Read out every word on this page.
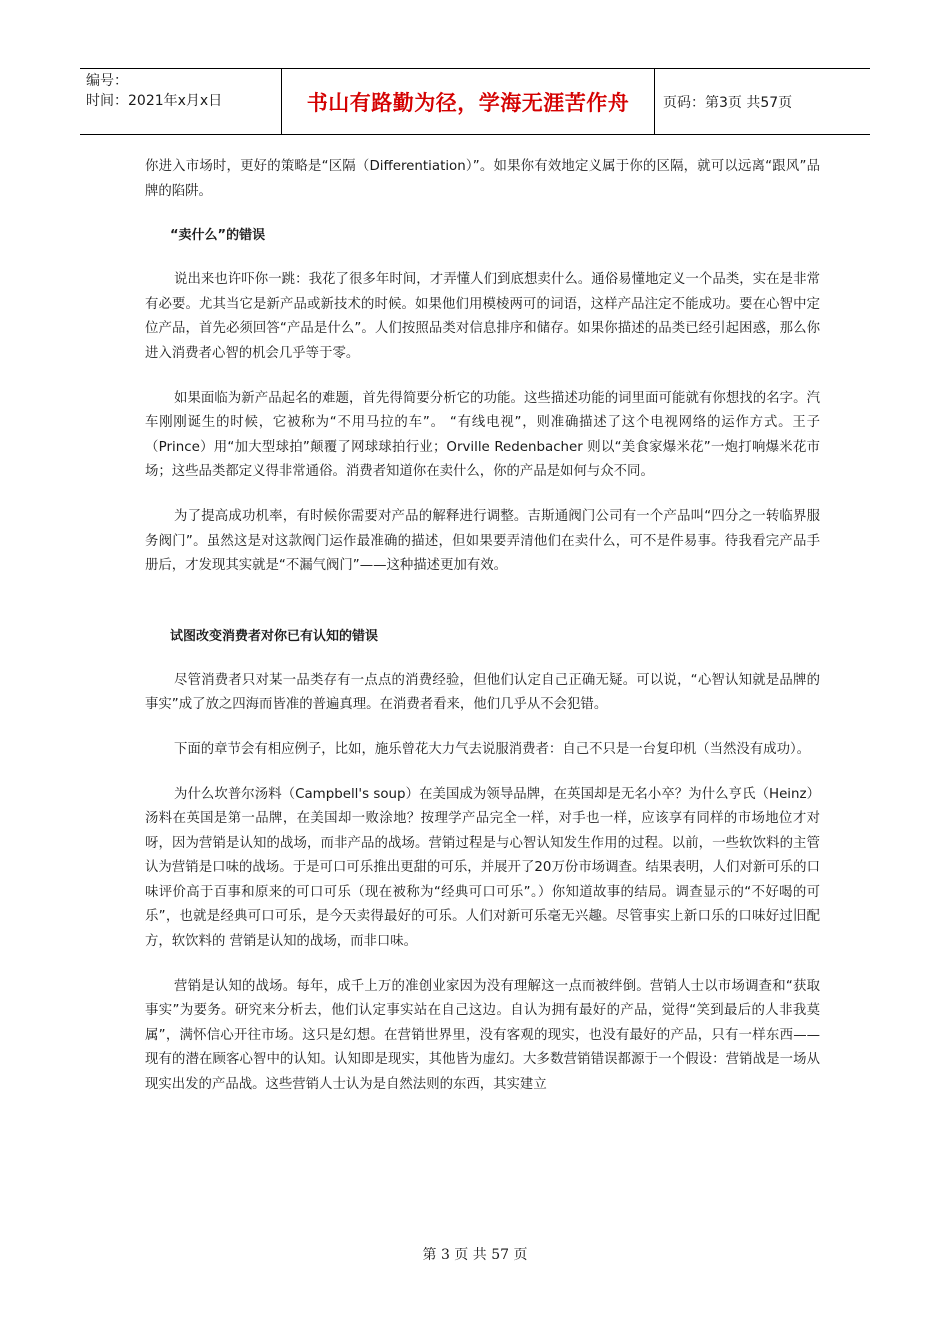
编号：
时间：2021年x月x日	书山有路勤为径，学海无涯苦作舟 页码：第3页 共57页

你进入市场时，更好的策略是“区隔（Differentiation）”。如果你有效地定义属于你的区隔，就可以远离“跟风”品牌的陷阱。

“卖什么”的错误

说出来也许吓你一跳：我花了很多年时间，才弄懂人们到底想卖什么。通俗易懂地定义一个品类，实在是非常有必要。尤其当它是新产品或新技术的时候。如果他们用模棱两可的词语，这样产品注定不能成功。要在心智中定位产品，首先必须回答“产品是什么”。人们按照品类对信息排序和储存。如果你描述的品类已经引起困惑，那么你进入消费者心智的机会几乎等于零。

如果面临为新产品起名的难题，首先得简要分析它的功能。这些描述功能的词里面可能就有你想找的名字。汽车刚刚诞生的时候，它被称为“不用马拉的车”。 “有线电视”，则准确描述了这个电视网络的运作方式。王子（Prince）用“加大型球拍”颠覆了网球球拍行业；Orville Redenbacher 则以“美食家爆米花”一炮打响爆米花市场；这些品类都定义得非常通俗。消费者知道你在卖什么，你的产品是如何与众不同。

为了提高成功机率，有时候你需要对产品的解释进行调整。吉斯通阀门公司有一个产品叫“四分之一转临界服务阀门”。虽然这是对这款阀门运作最准确的描述，但如果要弄清他们在卖什么，可不是件易事。待我看完产品手册后，才发现其实就是“不漏气阀门”——这种描述更加有效。

试图改变消费者对你已有认知的错误

尽管消费者只对某一品类存有一点点的消费经验，但他们认定自己正确无疑。可以说，“心智认知就是品牌的事实”成了放之四海而皆准的普遍真理。在消费者看来，他们几乎从不会犯错。

下面的章节会有相应例子，比如，施乐曾花大力气去说服消费者：自己不只是一台复印机（当然没有成功）。

为什么坎普尔汤料（Campbell's soup）在美国成为领导品牌，在英国却是无名小卒？为什么亨氏（Heinz）汤料在英国是第一品牌，在美国却一败涂地？按理学产品完全一样，对手也一样，应该享有同样的市场地位才对呀，因为营销是认知的战场，而非产品的战场。营销过程是与心智认知发生作用的过程。以前，一些软饮料的主管认为营销是口味的战场。于是可口可乐推出更甜的可乐，并展开了20万份市场调查。结果表明，人们对新可乐的口味评价高于百事和原来的可口可乐（现在被称为“经典可口可乐”。）你知道故事的结局。调查显示的“不好喝的可乐”，也就是经典可口可乐，是今天卖得最好的可乐。人们对新可乐毫无兴趣。尽管事实上新口乐的口味好过旧配方，软饮料的 营销是认知的战场，而非口味。

营销是认知的战场。每年，成千上万的准创业家因为没有理解这一点而被绊倒。营销人士以市场调查和“获取事实”为要务。研究来分析去，他们认定事实站在自己这边。自认为拥有最好的产品，觉得“笑到最后的人非我莫属”，满怀信心开往市场。这只是幻想。在营销世界里，没有客观的现实，也没有最好的产品，只有一样东西——现有的潜在顾客心智中的认知。认知即是现实，其他皆为虚幻。大多数营销错误都源于一个假设：营销战是一场从现实出发的产品战。这些营销人士认为是自然法则的东西，其实建立

第 3 页 共 57 页
